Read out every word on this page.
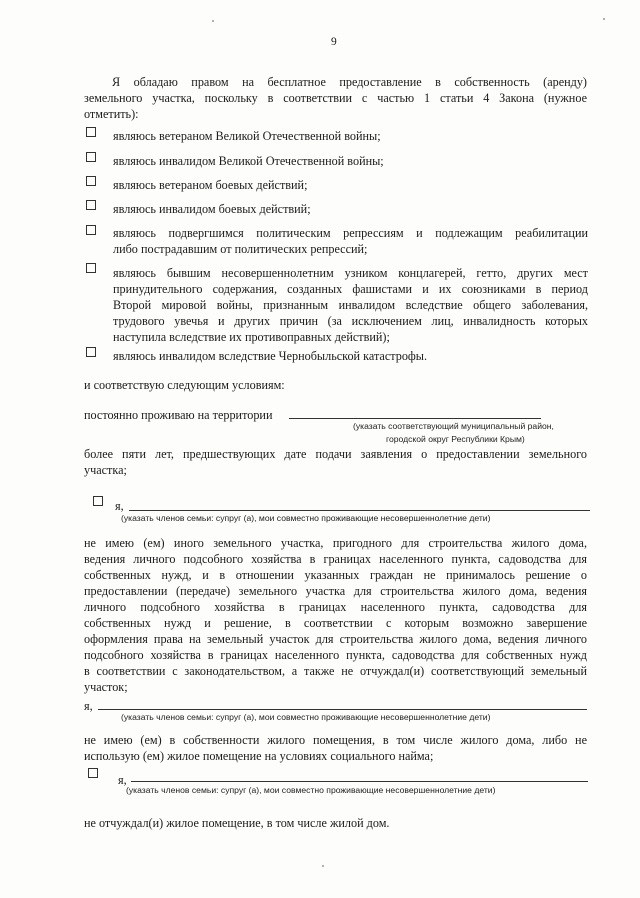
9
Я обладаю правом на бесплатное предоставление в собственность (аренду)
земельного участка, поскольку в соответствии с частью 1 статьи 4 Закона (нужное
отметить):
являюсь ветераном Великой Отечественной войны;
являюсь инвалидом Великой Отечественной войны;
являюсь ветераном боевых действий;
являюсь инвалидом боевых действий;
являюсь подвергшимся политическим репрессиям и подлежащим реабилитации
либо пострадавшим от политических репрессий;
являюсь бывшим несовершеннолетним узником концлагерей, гетто, других мест
принудительного содержания, созданных фашистами и их союзниками в период
Второй мировой войны, признанным инвалидом вследствие общего заболевания,
трудового увечья и других причин (за исключением лиц, инвалидность которых
наступила вследствие их противоправных действий);
являюсь инвалидом вследствие Чернобыльской катастрофы.
и соответствую следующим условиям:
постоянно проживаю на территории
(указать соответствующий муниципальный район,
городской округ Республики Крым)
более пяти лет, предшествующих дате подачи заявления о предоставлении земельного
участка;
я,
(указать членов семьи: супруг (а), мои совместно проживающие несовершеннолетние дети)
не имею (ем) иного земельного участка, пригодного для строительства жилого дома,
ведения личного подсобного хозяйства в границах населенного пункта, садоводства для
собственных нужд, и в отношении указанных граждан не принималось решение о
предоставлении (передаче) земельного участка для строительства жилого дома, ведения
личного подсобного хозяйства в границах населенного пункта, садоводства для
собственных нужд и решение, в соответствии с которым возможно завершение
оформления права на земельный участок для строительства жилого дома, ведения личного
подсобного хозяйства в границах населенного пункта, садоводства для собственных нужд
в соответствии с законодательством, а также не отчуждал(и) соответствующий земельный
участок;
я,
(указать членов семьи: супруг (а), мои совместно проживающие несовершеннолетние дети)
не имею (ем) в собственности жилого помещения, в том числе жилого дома, либо не
использую (ем) жилое помещение на условиях социального найма;
я,
(указать членов семьи: супруг (а), мои совместно проживающие несовершеннолетние дети)
не отчуждал(и) жилое помещение, в том числе жилой дом.
